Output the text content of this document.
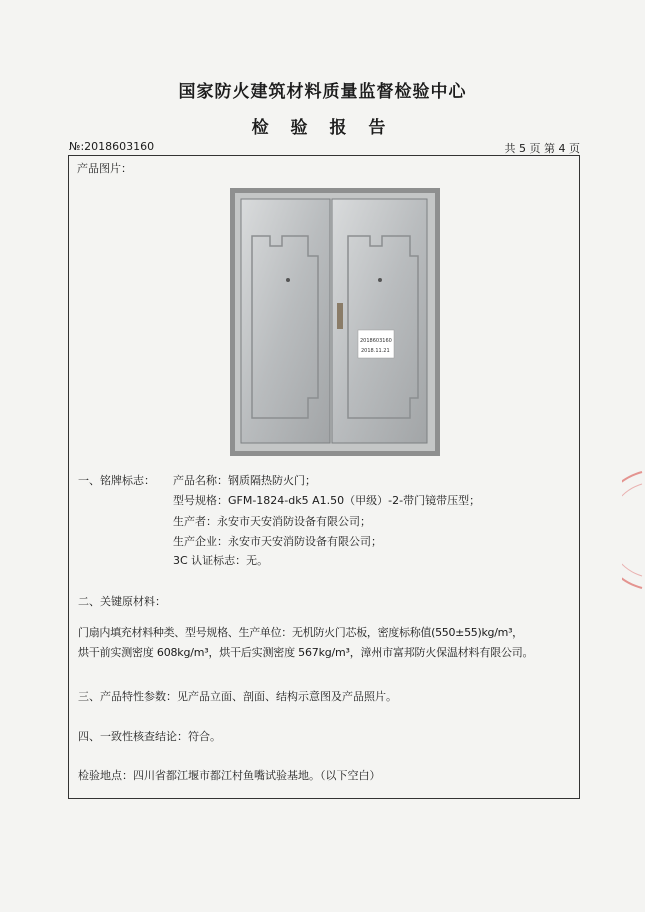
国家防火建筑材料质量监督检验中心
检 验 报 告
№:2018603160	共 5 页 第 4 页
产品图片：
2018603160
2018.11.21
一、铭牌标志： 产品名称：钢质隔热防火门；
型号规格：GFM-1824-dk5 A1.50（甲级）-2-带门镜带压型；
生产者：永安市天安消防设备有限公司；
生产企业：永安市天安消防设备有限公司；
3C 认证标志：无。
二、关键原材料：
门扇内填充材料种类、型号规格、生产单位：无机防火门芯板，密度标称值(550±55)kg/m³，
烘干前实测密度 608kg/m³，烘干后实测密度 567kg/m³，漳州市富邦防火保温材料有限公司。
三、产品特性参数：见产品立面、剖面、结构示意图及产品照片。
四、一致性核查结论：符合。
检验地点：四川省都江堰市都江村鱼嘴试验基地。（以下空白）
